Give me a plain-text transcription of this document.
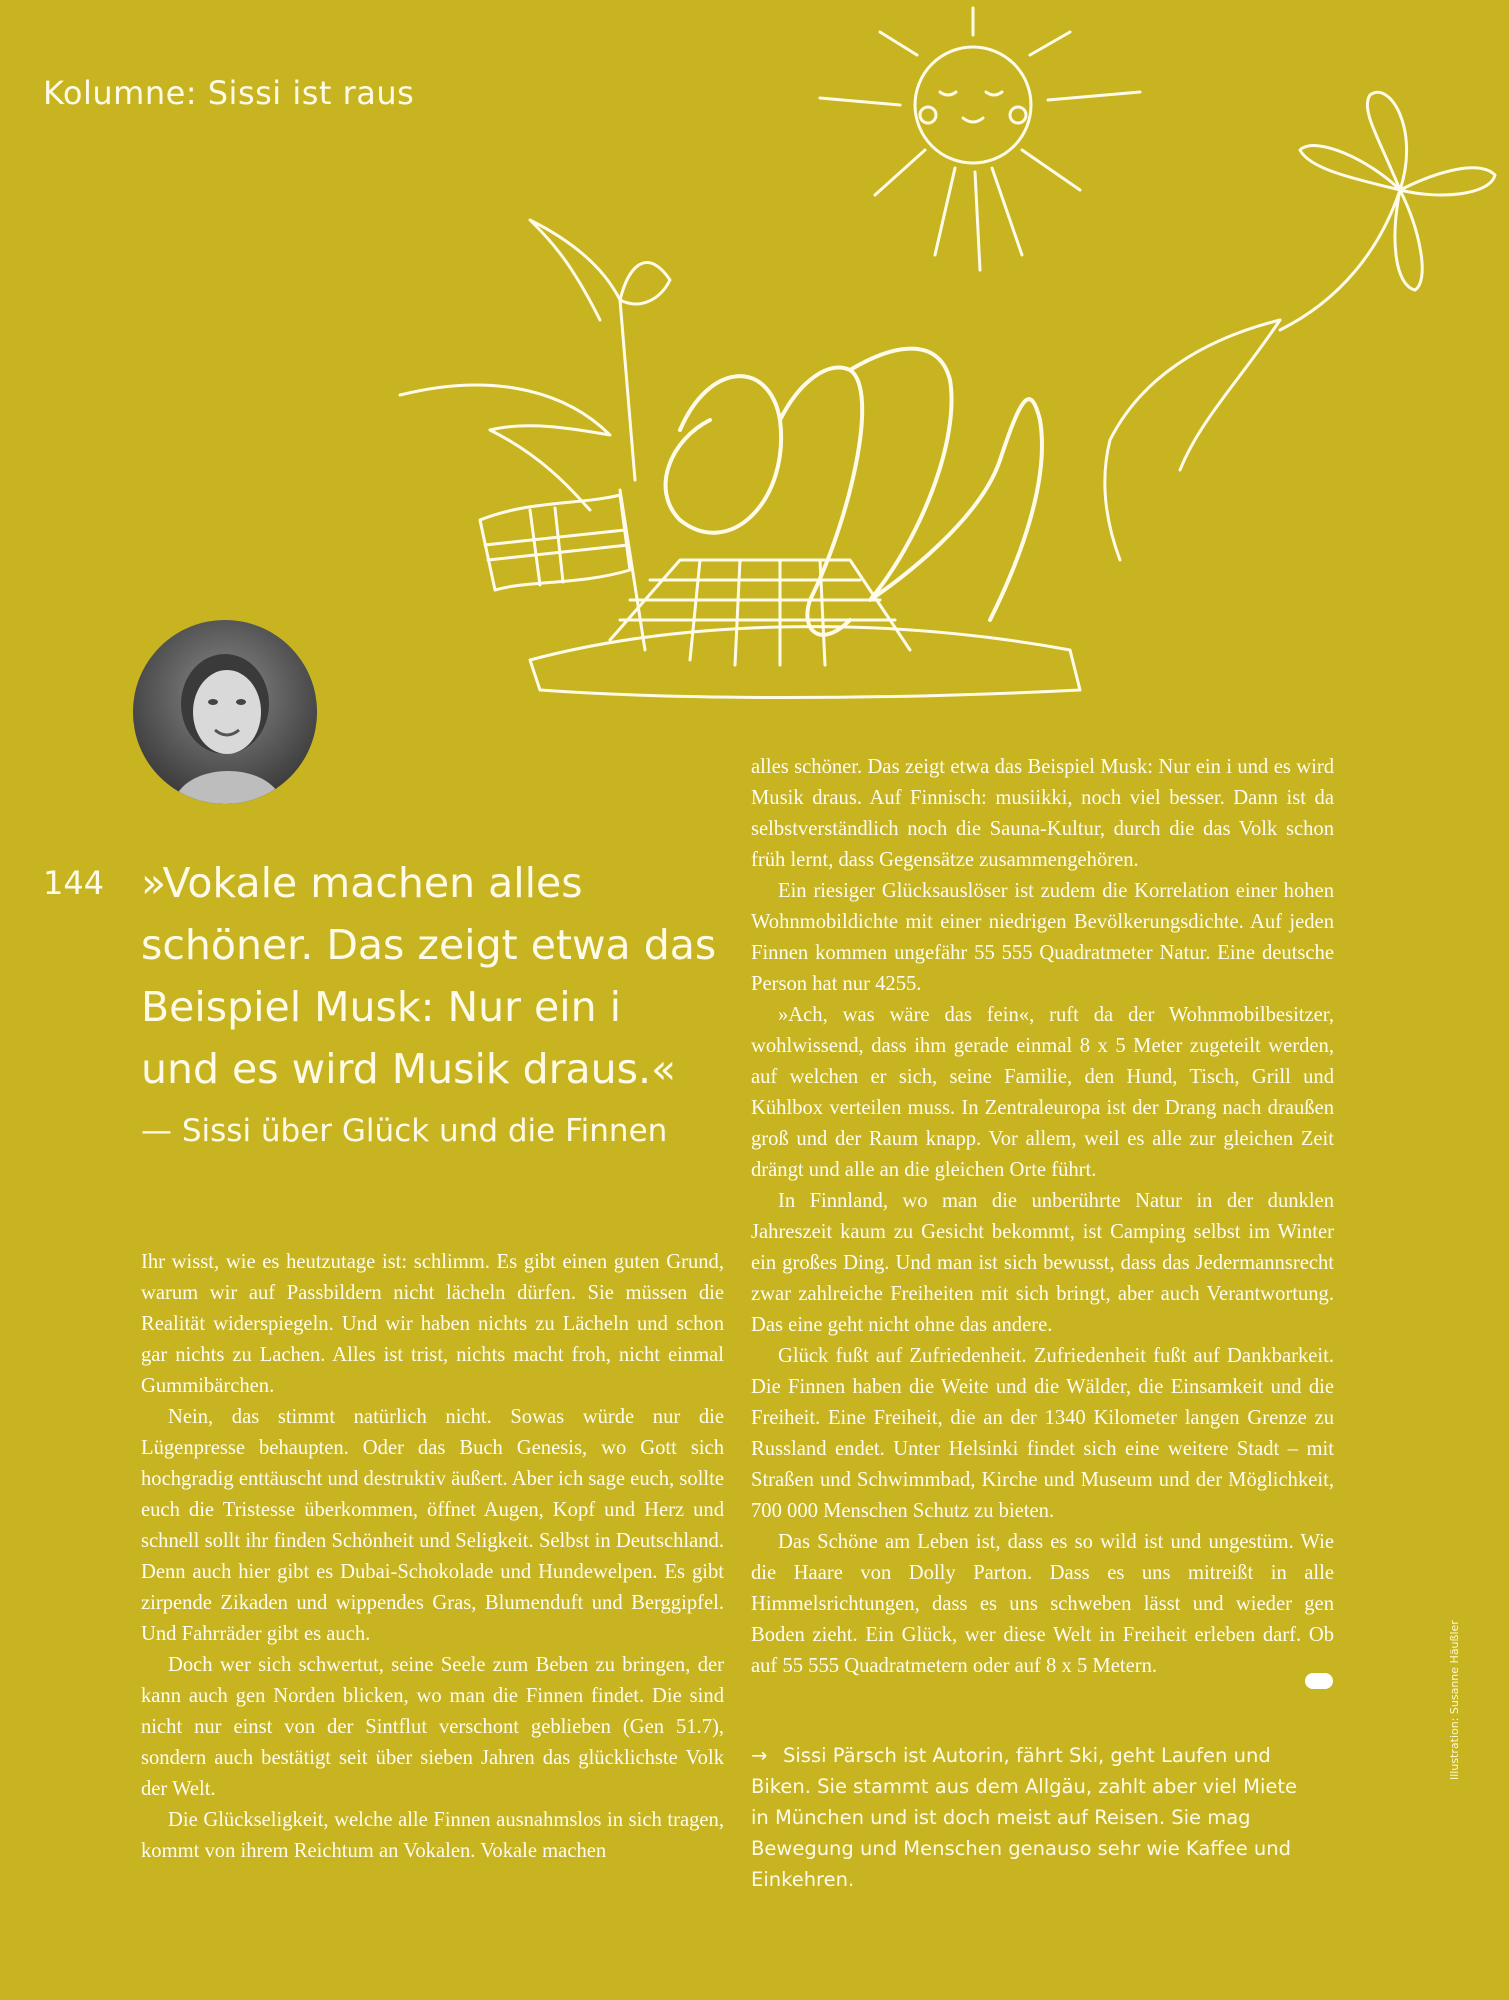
Kolumne: Sissi ist raus
144 »Vokale machen alles
schöner. Das zeigt etwa das
Beispiel Musk: Nur ein i
und es wird Musik draus.«
— Sissi über Glück und die Finnen

Ihr wisst, wie es heutzutage ist: schlimm. Es gibt einen guten Grund, warum wir auf Passbildern nicht lächeln dürfen. Sie müssen die Realität widerspiegeln. Und wir haben nichts zu Lächeln und schon gar nichts zu Lachen. Alles ist trist, nichts macht froh, nicht einmal Gummibärchen.

Nein, das stimmt natürlich nicht. Sowas würde nur die Lügenpresse behaupten. Oder das Buch Genesis, wo Gott sich hochgradig enttäuscht und destruktiv äußert. Aber ich sage euch, sollte euch die Tristesse überkommen, öffnet Augen, Kopf und Herz und schnell sollt ihr finden Schönheit und Seligkeit. Selbst in Deutschland. Denn auch hier gibt es Dubai-Schokolade und Hundewelpen. Es gibt zirpende Zikaden und wippendes Gras, Blumenduft und Berggipfel. Und Fahrräder gibt es auch.

Doch wer sich schwertut, seine Seele zum Beben zu bringen, der kann auch gen Norden blicken, wo man die Finnen findet. Die sind nicht nur einst von der Sintflut verschont geblieben (Gen 51.7), sondern auch bestätigt seit über sieben Jahren das glücklichste Volk der Welt.

Die Glückseligkeit, welche alle Finnen ausnahmslos in sich tragen, kommt von ihrem Reichtum an Vokalen. Vokale machen

alles schöner. Das zeigt etwa das Beispiel Musk: Nur ein i und es wird Musik draus. Auf Finnisch: musiikki, noch viel besser. Dann ist da selbstverständlich noch die Sauna-Kultur, durch die das Volk schon früh lernt, dass Gegensätze zusammengehören.

Ein riesiger Glücksauslöser ist zudem die Korrelation einer hohen Wohnmobildichte mit einer niedrigen Bevölkerungsdichte. Auf jeden Finnen kommen ungefähr 55 555 Quadratmeter Natur. Eine deutsche Person hat nur 4255.

»Ach, was wäre das fein«, ruft da der Wohnmobilbesitzer, wohlwissend, dass ihm gerade einmal 8 x 5 Meter zugeteilt werden, auf welchen er sich, seine Familie, den Hund, Tisch, Grill und Kühlbox verteilen muss. In Zentraleuropa ist der Drang nach draußen groß und der Raum knapp. Vor allem, weil es alle zur gleichen Zeit drängt und alle an die gleichen Orte führt.

In Finnland, wo man die unberührte Natur in der dunklen Jahreszeit kaum zu Gesicht bekommt, ist Camping selbst im Winter ein großes Ding. Und man ist sich bewusst, dass das Jedermannsrecht zwar zahlreiche Freiheiten mit sich bringt, aber auch Verantwortung. Das eine geht nicht ohne das andere.

Glück fußt auf Zufriedenheit. Zufriedenheit fußt auf Dankbarkeit. Die Finnen haben die Weite und die Wälder, die Einsamkeit und die Freiheit. Eine Freiheit, die an der 1340 Kilometer langen Grenze zu Russland endet. Unter Helsinki findet sich eine weitere Stadt – mit Straßen und Schwimmbad, Kirche und Museum und der Möglichkeit, 700 000 Menschen Schutz zu bieten.

Das Schöne am Leben ist, dass es so wild ist und ungestüm. Wie die Haare von Dolly Parton. Dass es uns mitreißt in alle Himmelsrichtungen, dass es uns schweben lässt und wieder gen Boden zieht. Ein Glück, wer diese Welt in Freiheit erleben darf. Ob auf 55 555 Quadratmetern oder auf 8 x 5 Metern.

→ Sissi Pärsch ist Autorin, fährt Ski, geht Laufen und Biken. Sie stammt aus dem Allgäu, zahlt aber viel Miete in München und ist doch meist auf Reisen. Sie mag Bewegung und Menschen genauso sehr wie Kaffee und Einkehren.
Illustration: Susanne Häußler
